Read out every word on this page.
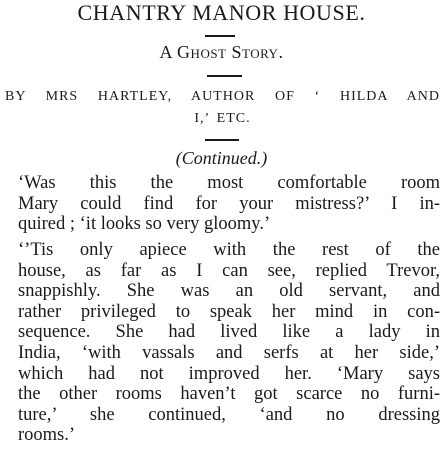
CHANTRY MANOR HOUSE.
A Ghost Story.
BY MRS HARTLEY, AUTHOR OF ‘ HILDA AND
I,’ ETC.
(Continued.)
‘Was this the most comfortable room
Mary could find for your mistress?’ I in-
quired ; ‘it looks so very gloomy.’
‘’Tis only apiece with the rest of the
house, as far as I can see, replied Trevor,
snappishly. She was an old servant, and
rather privileged to speak her mind in con-
sequence. She had lived like a lady in
India, ‘with vassals and serfs at her side,’
which had not improved her. ‘Mary says
the other rooms haven’t got scarce no furni-
ture,’ she continued, ‘and no dressing
rooms.’
